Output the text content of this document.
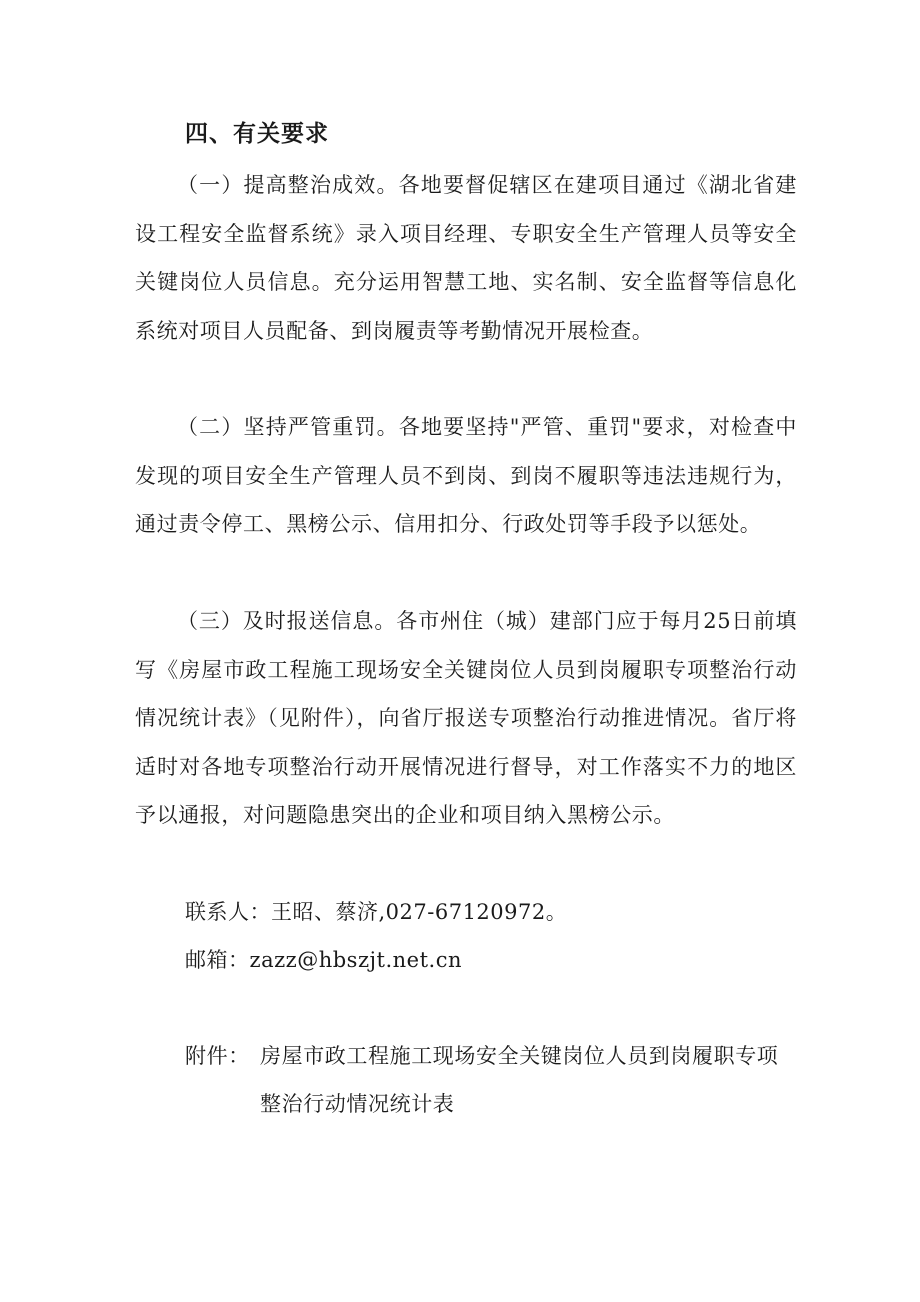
四、有关要求

（一）提高整治成效。各地要督促辖区在建项目通过《湖北省建设工程安全监督系统》录入项目经理、专职安全生产管理人员等安全关键岗位人员信息。充分运用智慧工地、实名制、安全监督等信息化系统对项目人员配备、到岗履责等考勤情况开展检查。

（二）坚持严管重罚。各地要坚持"严管、重罚"要求，对检查中发现的项目安全生产管理人员不到岗、到岗不履职等违法违规行为，通过责令停工、黑榜公示、信用扣分、行政处罚等手段予以惩处。

（三）及时报送信息。各市州住（城）建部门应于每月25日前填写《房屋市政工程施工现场安全关键岗位人员到岗履职专项整治行动情况统计表》（见附件），向省厅报送专项整治行动推进情况。省厅将适时对各地专项整治行动开展情况进行督导，对工作落实不力的地区予以通报，对问题隐患突出的企业和项目纳入黑榜公示。

联系人：王昭、蔡济,027-67120972。

邮箱：zazz@hbszjt.net.cn

附件： 房屋市政工程施工现场安全关键岗位人员到岗履职专项整治行动情况统计表
